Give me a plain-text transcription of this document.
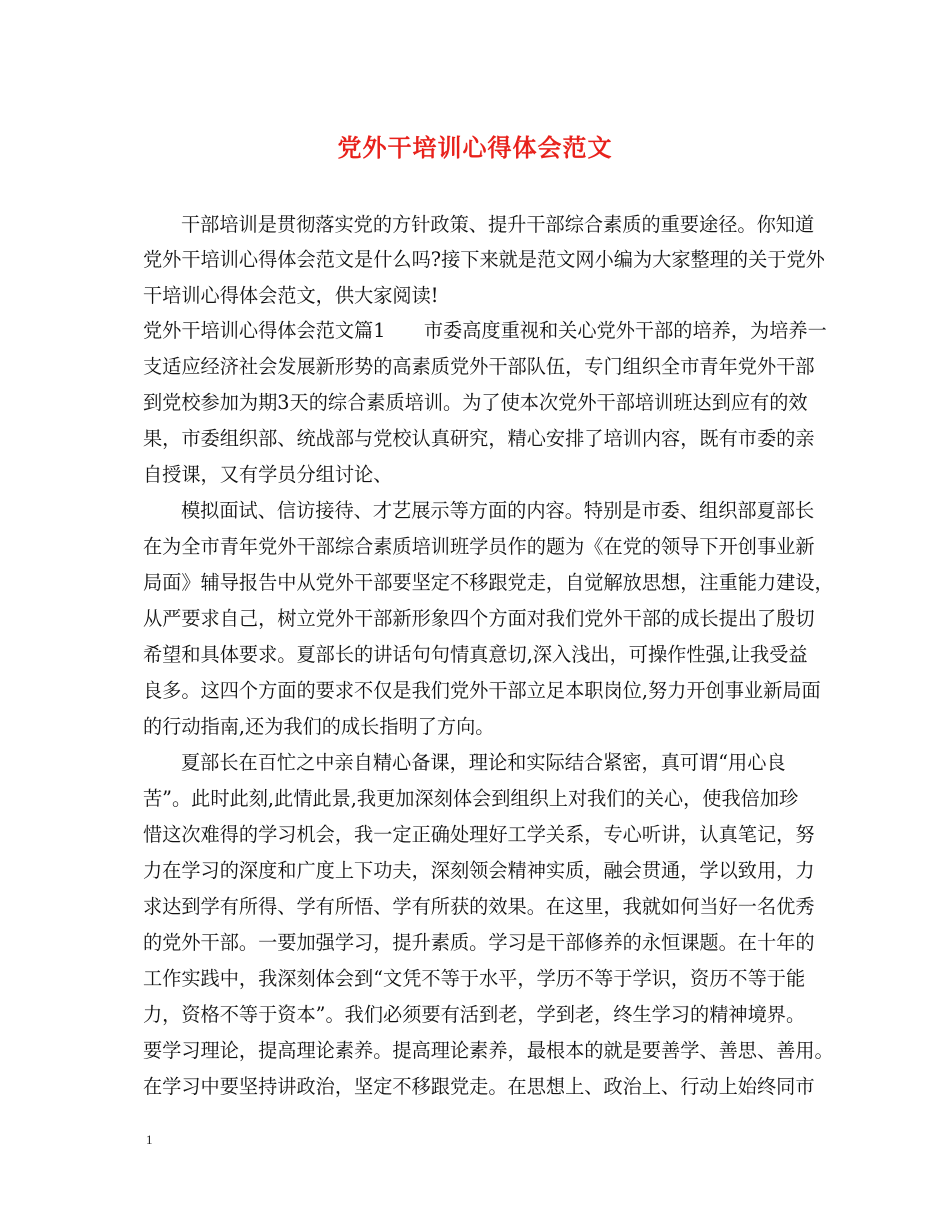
党外干培训心得体会范文
干部培训是贯彻落实党的方针政策、提升干部综合素质的重要途径。你知道
党外干培训心得体会范文是什么吗?接下来就是范文网小编为大家整理的关于党外
干培训心得体会范文，供大家阅读!
党外干培训心得体会范文篇1　　市委高度重视和关心党外干部的培养，为培养一
支适应经济社会发展新形势的高素质党外干部队伍，专门组织全市青年党外干部
到党校参加为期3天的综合素质培训。为了使本次党外干部培训班达到应有的效
果，市委组织部、统战部与党校认真研究，精心安排了培训内容，既有市委的亲
自授课，又有学员分组讨论、
模拟面试、信访接待、才艺展示等方面的内容。特别是市委、组织部夏部长
在为全市青年党外干部综合素质培训班学员作的题为《在党的领导下开创事业新
局面》辅导报告中从党外干部要坚定不移跟党走，自觉解放思想，注重能力建设，
从严要求自己，树立党外干部新形象四个方面对我们党外干部的成长提出了殷切
希望和具体要求。夏部长的讲话句句情真意切,深入浅出，可操作性强,让我受益
良多。这四个方面的要求不仅是我们党外干部立足本职岗位,努力开创事业新局面
的行动指南,还为我们的成长指明了方向。
夏部长在百忙之中亲自精心备课，理论和实际结合紧密，真可谓“用心良
苦”。此时此刻,此情此景,我更加深刻体会到组织上对我们的关心，使我倍加珍
惜这次难得的学习机会，我一定正确处理好工学关系，专心听讲，认真笔记，努
力在学习的深度和广度上下功夫，深刻领会精神实质，融会贯通，学以致用，力
求达到学有所得、学有所悟、学有所获的效果。在这里，我就如何当好一名优秀
的党外干部。一要加强学习，提升素质。学习是干部修养的永恒课题。在十年的
工作实践中，我深刻体会到“文凭不等于水平，学历不等于学识，资历不等于能
力，资格不等于资本”。我们必须要有活到老，学到老，终生学习的精神境界。
要学习理论，提高理论素养。提高理论素养，最根本的就是要善学、善思、善用。
在学习中要坚持讲政治，坚定不移跟党走。在思想上、政治上、行动上始终同市
1
